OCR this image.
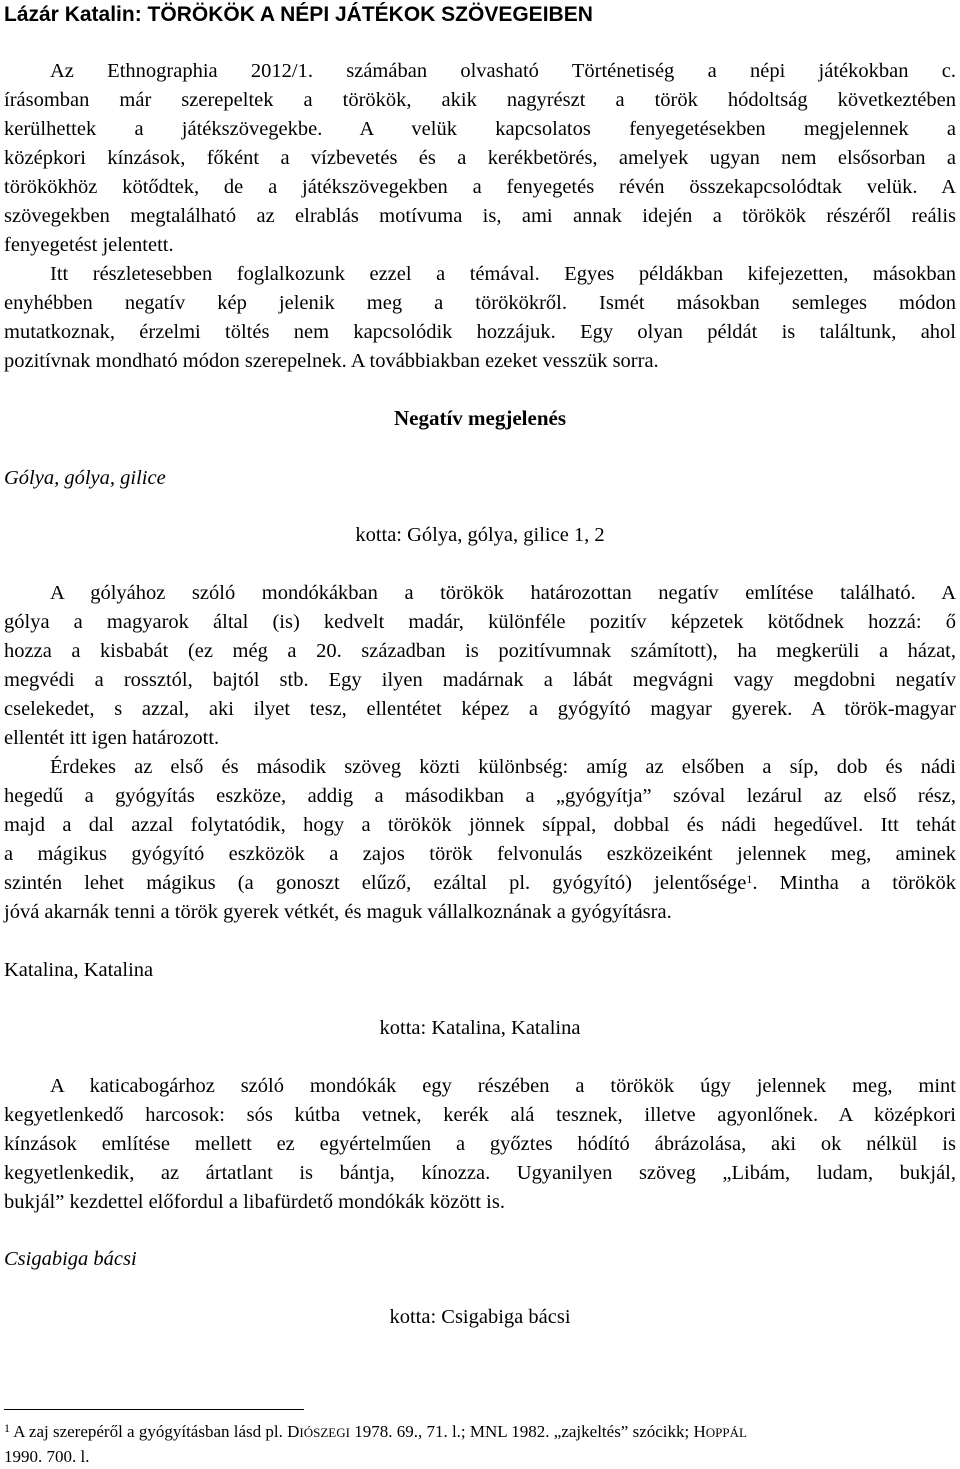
Lázár Katalin: TÖRÖKÖK A NÉPI JÁTÉKOK SZÖVEGEIBEN
Az Ethnographia 2012/1. számában olvasható Történetiség a népi játékokban c.
írásomban már szerepeltek a törökök, akik nagyrészt a török hódoltság következtében
kerülhettek a játékszövegekbe. A velük kapcsolatos fenyegetésekben megjelennek a
középkori kínzások, főként a vízbevetés és a kerékbetörés, amelyek ugyan nem elsősorban a
törökökhöz kötődtek, de a játékszövegekben a fenyegetés révén összekapcsolódtak velük. A
szövegekben megtalálható az elrablás motívuma is, ami annak idején a törökök részéről reális
fenyegetést jelentett.
Itt részletesebben foglalkozunk ezzel a témával. Egyes példákban kifejezetten, másokban
enyhébben negatív kép jelenik meg a törökökről. Ismét másokban semleges módon
mutatkoznak, érzelmi töltés nem kapcsolódik hozzájuk. Egy olyan példát is találtunk, ahol
pozitívnak mondható módon szerepelnek. A továbbiakban ezeket vesszük sorra.
Negatív megjelenés
Gólya, gólya, gilice
kotta: Gólya, gólya, gilice 1, 2
A gólyához szóló mondókákban a törökök határozottan negatív említése található. A
gólya a magyarok által (is) kedvelt madár, különféle pozitív képzetek kötődnek hozzá: ő
hozza a kisbabát (ez még a 20. században is pozitívumnak számított), ha megkerüli a házat,
megvédi a rossztól, bajtól stb. Egy ilyen madárnak a lábát megvágni vagy megdobni negatív
cselekedet, s azzal, aki ilyet tesz, ellentétet képez a gyógyító magyar gyerek. A török-magyar
ellentét itt igen határozott.
Érdekes az első és második szöveg közti különbség: amíg az elsőben a síp, dob és nádi
hegedű a gyógyítás eszköze, addig a másodikban a „gyógyítja” szóval lezárul az első rész,
majd a dal azzal folytatódik, hogy a törökök jönnek síppal, dobbal és nádi hegedűvel. Itt tehát
a mágikus gyógyító eszközök a zajos török felvonulás eszközeiként jelennek meg, aminek
szintén lehet mágikus (a gonoszt elűző, ezáltal pl. gyógyító) jelentősége$^1$. Mintha a törökök
jóvá akarnák tenni a török gyerek vétkét, és maguk vállalkoznának a gyógyításra.
Katalina, Katalina
kotta: Katalina, Katalina
A katicabogárhoz szóló mondókák egy részében a törökök úgy jelennek meg, mint
kegyetlenkedő harcosok: sós kútba vetnek, kerék alá tesznek, illetve agyonlőnek. A középkori
kínzások említése mellett ez egyértelműen a győztes hódító ábrázolása, aki ok nélkül is
kegyetlenkedik, az ártatlant is bántja, kínozza. Ugyanilyen szöveg „Libám, ludam, bukjál,
bukjál” kezdettel előfordul a libafürdető mondókák között is.
Csigabiga bácsi
kotta: Csigabiga bácsi
$^1$ A zaj szerepéről a gyógyításban lásd pl. DIÓSZEGI 1978. 69., 71. l.; MNL 1982. „zajkeltés” szócikk; HOPPÁL
1990. 700. l.
